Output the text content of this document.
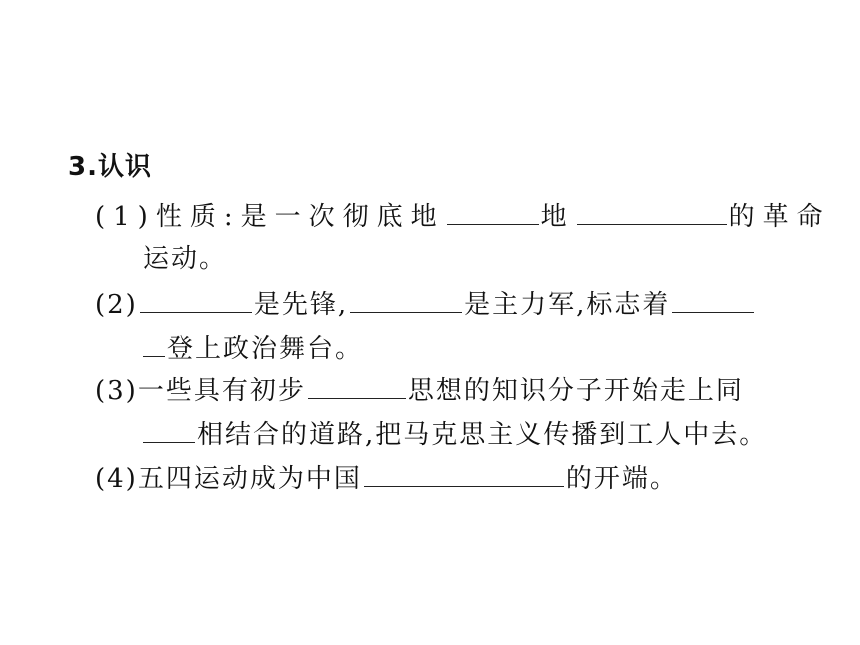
3.认识
(1)性质:是一次彻底地	地	的革命
运动。
(2)	是先锋,	是主力军,标志着
登上政治舞台。
(3)一些具有初步	思想的知识分子开始走上同
相结合的道路,把马克思主义传播到工人中去。
(4)五四运动成为中国	的开端。
